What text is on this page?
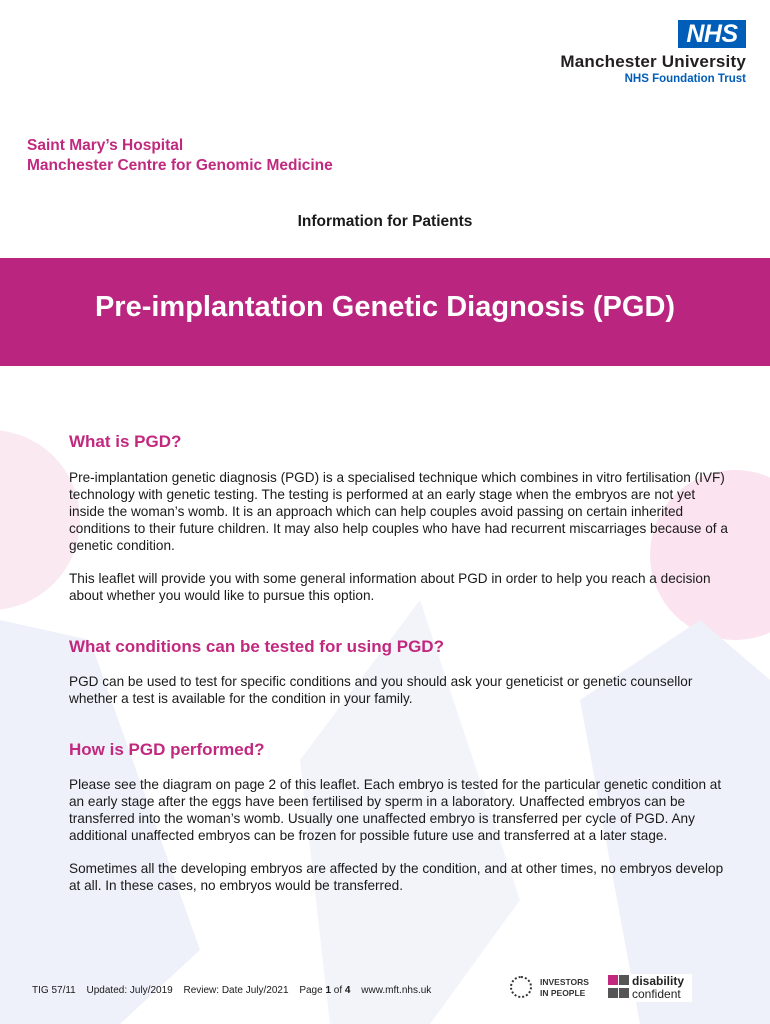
NHS
Manchester University
NHS Foundation Trust
Saint Mary’s Hospital
Manchester Centre for Genomic Medicine
Information for Patients
Pre-implantation Genetic Diagnosis (PGD)
What is PGD?

Pre-implantation genetic diagnosis (PGD) is a specialised technique which combines in vitro fertilisation (IVF) technology with genetic testing. The testing is performed at an early stage when the embryos are not yet inside the woman’s womb. It is an approach which can help couples avoid passing on certain inherited conditions to their future children. It may also help couples who have had recurrent miscarriages because of a genetic condition.

This leaflet will provide you with some general information about PGD in order to help you reach a decision about whether you would like to pursue this option.

What conditions can be tested for using PGD?

PGD can be used to test for specific conditions and you should ask your geneticist or genetic counsellor whether a test is available for the condition in your family.

How is PGD performed?

Please see the diagram on page 2 of this leaflet. Each embryo is tested for the particular genetic condition at an early stage after the eggs have been fertilised by sperm in a laboratory. Unaffected embryos can be transferred into the woman’s womb. Usually one unaffected embryo is transferred per cycle of PGD. Any additional unaffected embryos can be frozen for possible future use and transferred at a later stage.

Sometimes all the developing embryos are affected by the condition, and at other times, no embryos develop at all. In these cases, no embryos would be transferred.

TIG 57/11 Updated: July/2019 Review: Date July/2021 Page 1 of 4 www.mft.nhs.uk
INVESTORS
IN PEOPLE
disability
confident
